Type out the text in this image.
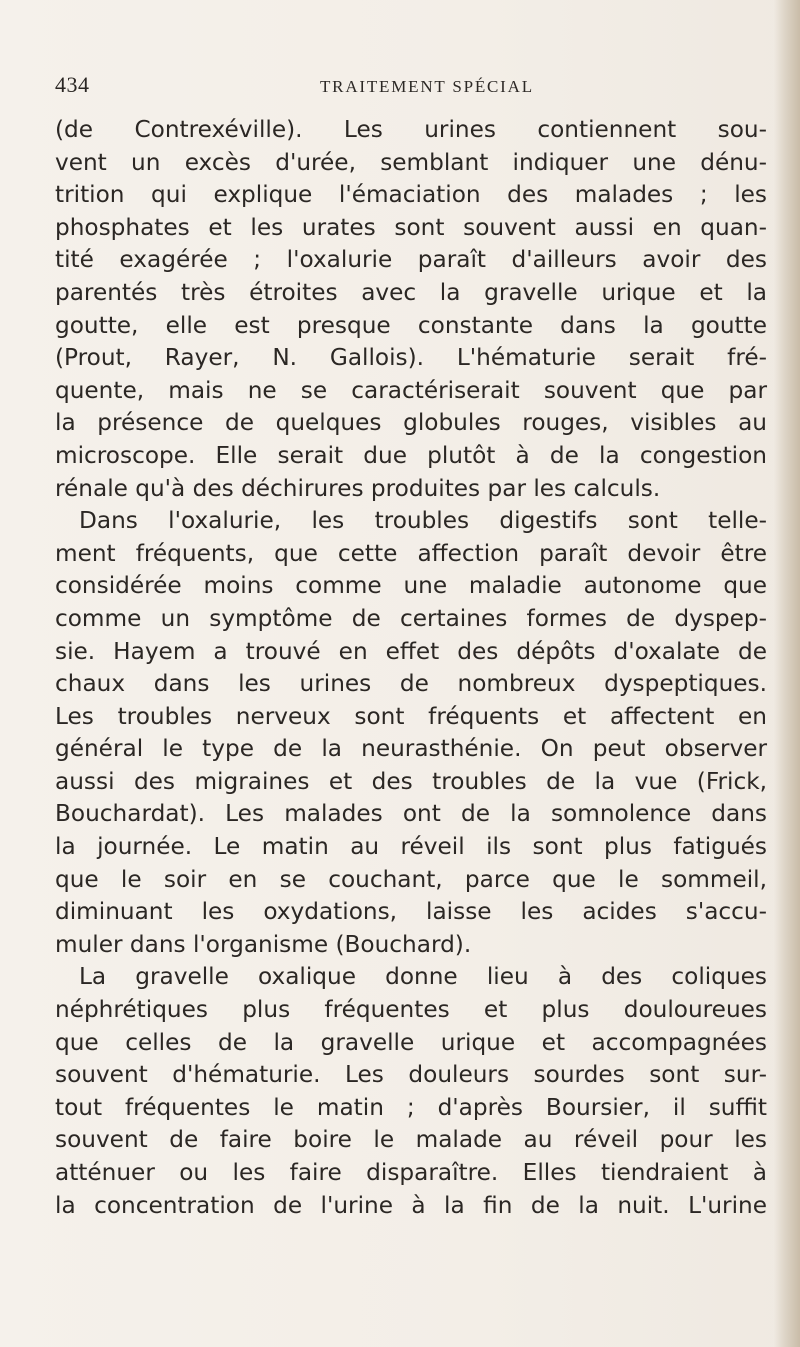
434	TRAITEMENT SPÉCIAL
(de Contrexéville). Les urines contiennent sou-
vent un excès d'urée, semblant indiquer une dénu-
trition qui explique l'émaciation des malades ; les
phosphates et les urates sont souvent aussi en quan-
tité exagérée ; l'oxalurie paraît d'ailleurs avoir des
parentés très étroites avec la gravelle urique et la
goutte, elle est presque constante dans la goutte
(Prout, Rayer, N. Gallois). L'hématurie serait fré-
quente, mais ne se caractériserait souvent que par
la présence de quelques globules rouges, visibles au
microscope. Elle serait due plutôt à de la congestion
rénale qu'à des déchirures produites par les calculs.
Dans l'oxalurie, les troubles digestifs sont telle-
ment fréquents, que cette affection paraît devoir être
considérée moins comme une maladie autonome que
comme un symptôme de certaines formes de dyspep-
sie. Hayem a trouvé en effet des dépôts d'oxalate de
chaux dans les urines de nombreux dyspeptiques.
Les troubles nerveux sont fréquents et affectent en
général le type de la neurasthénie. On peut observer
aussi des migraines et des troubles de la vue (Frick,
Bouchardat). Les malades ont de la somnolence dans
la journée. Le matin au réveil ils sont plus fatigués
que le soir en se couchant, parce que le sommeil,
diminuant les oxydations, laisse les acides s'accu-
muler dans l'organisme (Bouchard).
La gravelle oxalique donne lieu à des coliques
néphrétiques plus fréquentes et plus douloureues
que celles de la gravelle urique et accompagnées
souvent d'hématurie. Les douleurs sourdes sont sur-
tout fréquentes le matin ; d'après Boursier, il suffit
souvent de faire boire le malade au réveil pour les
atténuer ou les faire disparaître. Elles tiendraient à
la concentration de l'urine à la fin de la nuit. L'urine
